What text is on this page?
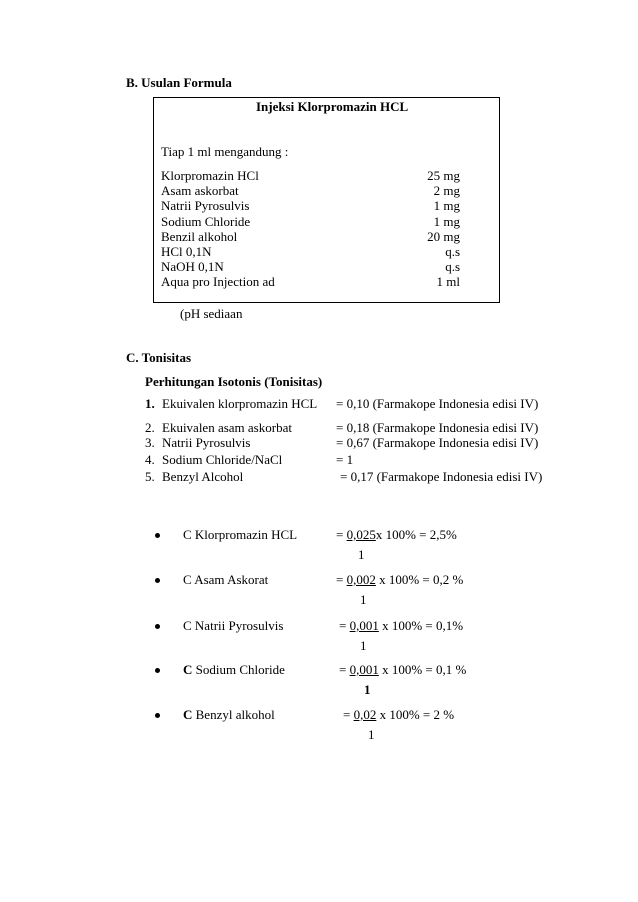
B. Usulan Formula
Injeksi Klorpromazin HCL
Tiap 1 ml mengandung :
Klorpromazin HCl	25 mg
Asam askorbat	2 mg
Natrii Pyrosulvis	1 mg
Sodium Chloride	1 mg
Benzil alkohol	20 mg
HCl 0,1N	q.s
NaOH 0,1N	q.s
Aqua pro Injection ad	1 ml
(pH sediaan
C. Tonisitas
Perhitungan Isotonis (Tonisitas)
1. Ekuivalen klorpromazin HCL = 0,10 (Farmakope Indonesia edisi IV)
2. Ekuivalen asam askorbat	= 0,18 (Farmakope Indonesia edisi IV)
3. Natrii Pyrosulvis	= 0,67 (Farmakope Indonesia edisi IV)
4. Sodium Chloride/NaCl	= 1
5. Benzyl Alcohol	= 0,17 (Farmakope Indonesia edisi IV)
C Klorpromazin HCL	= 0,025x 100% = 2,5%
1
C Asam Askorat	= 0,002 x 100% = 0,2 %
1
C Natrii Pyrosulvis	= 0,001 x 100% = 0,1%
1
C Sodium Chloride	= 0,001 x 100% = 0,1 %
1
C Benzyl alkohol	= 0,02 x 100% = 2 %
1
